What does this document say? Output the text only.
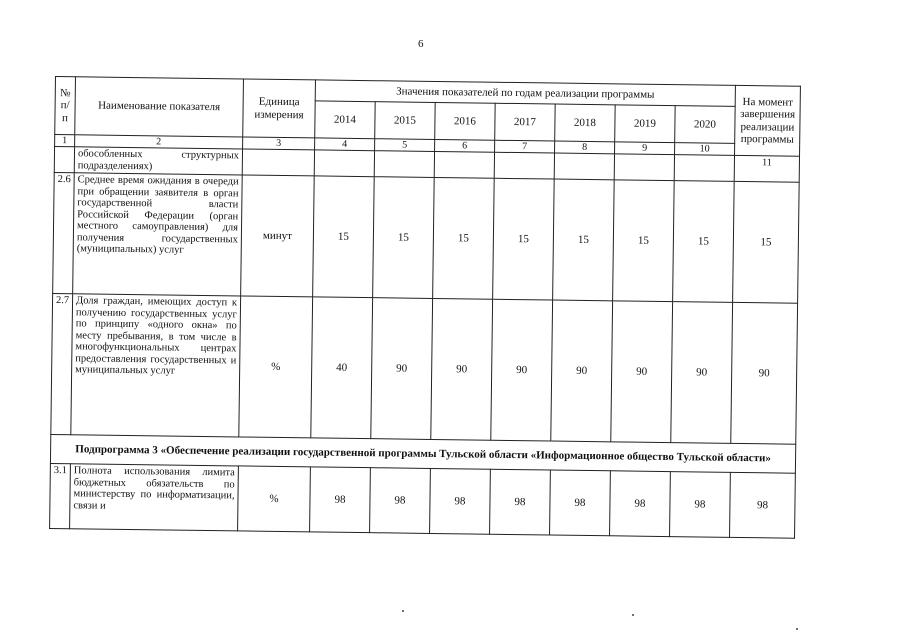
6
№ п/п	Наименование показателя	Единица измерения	Значения показателей по годам реализации программы							На момент завершения реализации программы
			2014	2015	2016	2017	2018	2019	2020	
1	2	3	4	5	6	7	8	9	10	
	обособленных структурных подразделениях)									11
2.6	Среднее время ожидания в очереди при обращении заявителя в орган государственной власти Российской Федерации (орган местного самоуправления) для получения государственных (муниципальных) услуг	минут	15	15	15	15	15	15	15	15
2.7	Доля граждан, имеющих доступ к получению государственных услуг по принципу «одного окна» по месту пребывания, в том числе в многофункциональных центрах предоставления государственных и муниципальных услуг	%	40	90	90	90	90	90	90	90
Подпрограмма 3 «Обеспечение реализации государственной программы Тульской области «Информационное общество Тульской области»										
3.1	Полнота использования лимита бюджетных обязательств по министерству по информатизации, связи и	%	98	98	98	98	98	98	98	98
